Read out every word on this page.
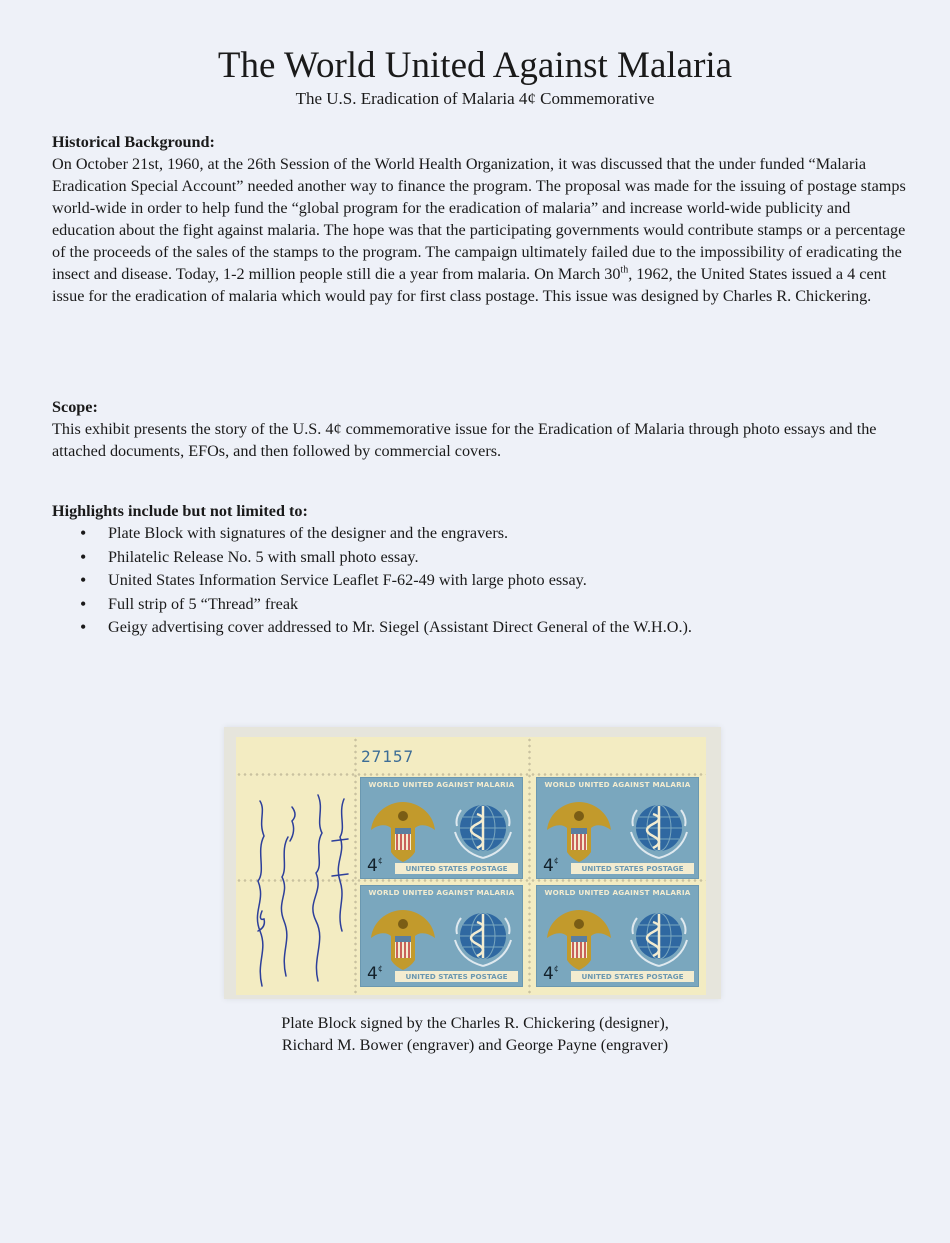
The World United Against Malaria
The U.S. Eradication of Malaria 4¢ Commemorative
Historical Background:

On October 21st, 1960, at the 26th Session of the World Health Organization, it was discussed that the under funded “Malaria Eradication Special Account” needed another way to finance the program. The proposal was made for the issuing of postage stamps world-wide in order to help fund the “global program for the eradication of malaria” and increase world-wide publicity and education about the fight against malaria. The hope was that the participating governments would contribute stamps or a percentage of the proceeds of the sales of the stamps to the program. The campaign ultimately failed due to the impossibility of eradicating the insect and disease. Today, 1-2 million people still die a year from malaria. On March 30th, 1962, the United States issued a 4 cent issue for the eradication of malaria which would pay for first class postage. This issue was designed by Charles R. Chickering.

Scope:

This exhibit presents the story of the U.S. 4¢ commemorative issue for the Eradication of Malaria through photo essays and the attached documents, EFOs, and then followed by commercial covers.

Highlights include but not limited to:
• Plate Block with signatures of the designer and the engravers.
• Philatelic Release No. 5 with small photo essay.
• United States Information Service Leaflet F-62-49 with large photo essay.
• Full strip of 5 “Thread” freak
• Geigy advertising cover addressed to Mr. Siegel (Assistant Direct General of the W.H.O.).
27157
WORLD UNITED AGAINST MALARIA
4¢
UNITED STATES POSTAGE
WORLD UNITED AGAINST MALARIA
4¢
UNITED STATES POSTAGE
WORLD UNITED AGAINST MALARIA
4¢
UNITED STATES POSTAGE
WORLD UNITED AGAINST MALARIA
4¢
UNITED STATES POSTAGE
Plate Block signed by the Charles R. Chickering (designer),
Richard M. Bower (engraver) and George Payne (engraver)
